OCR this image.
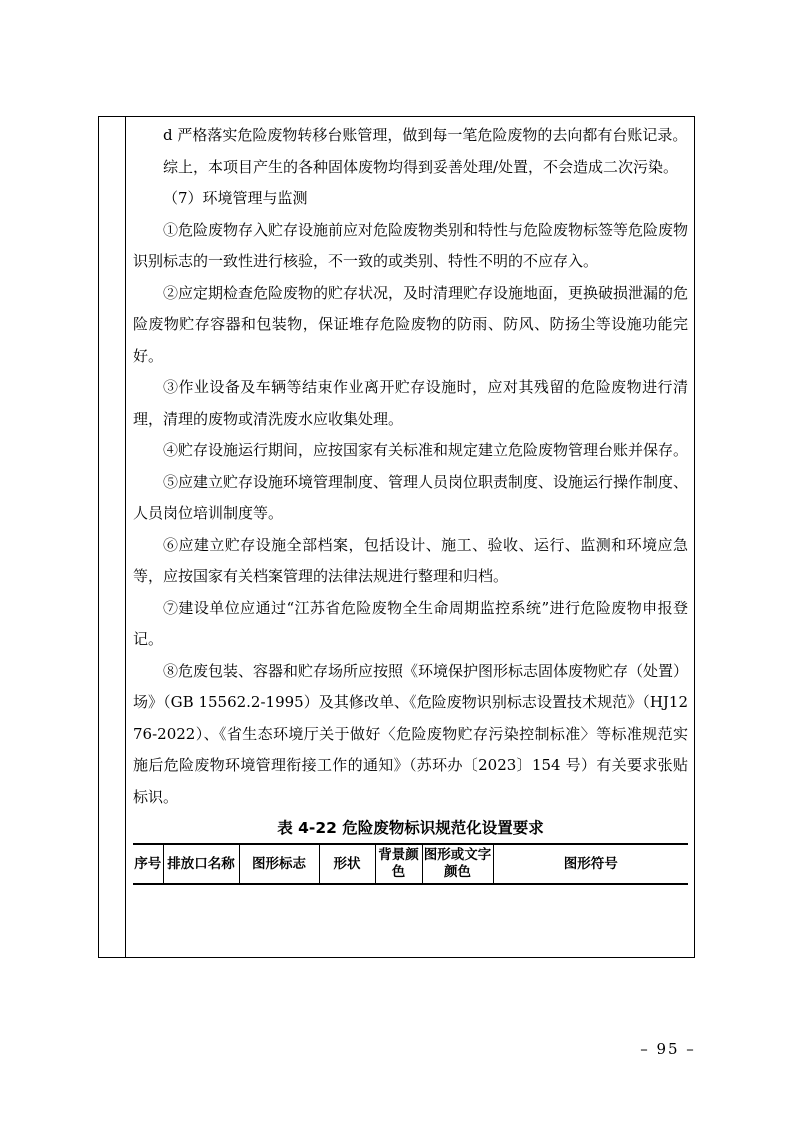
d 严格落实危险废物转移台账管理，做到每一笔危险废物的去向都有台账记录。

综上，本项目产生的各种固体废物均得到妥善处理/处置，不会造成二次污染。

（7）环境管理与监测

①危险废物存入贮存设施前应对危险废物类别和特性与危险废物标签等危险废物识别标志的一致性进行核验，不一致的或类别、特性不明的不应存入。

②应定期检查危险废物的贮存状况，及时清理贮存设施地面，更换破损泄漏的危险废物贮存容器和包装物，保证堆存危险废物的防雨、防风、防扬尘等设施功能完好。

③作业设备及车辆等结束作业离开贮存设施时，应对其残留的危险废物进行清理，清理的废物或清洗废水应收集处理。

④贮存设施运行期间，应按国家有关标准和规定建立危险废物管理台账并保存。

⑤应建立贮存设施环境管理制度、管理人员岗位职责制度、设施运行操作制度、人员岗位培训制度等。

⑥应建立贮存设施全部档案，包括设计、施工、验收、运行、监测和环境应急等，应按国家有关档案管理的法律法规进行整理和归档。

⑦建设单位应通过“江苏省危险废物全生命周期监控系统”进行危险废物申报登记。

⑧危废包装、容器和贮存场所应按照《环境保护图形标志固体废物贮存（处置）场》（GB 15562.2-1995）及其修改单、《危险废物识别标志设置技术规范》（HJ1276-2022）、《省生态环境厅关于做好〈危险废物贮存污染控制标准〉等标准规范实施后危险废物环境管理衔接工作的通知》（苏环办〔2023〕154 号）有关要求张贴标识。

表 4-22 危险废物标识规范化设置要求
序号	排放口名称	图形标志	形状	背景颜色	图形或文字颜色	图形符号
– 95 –
